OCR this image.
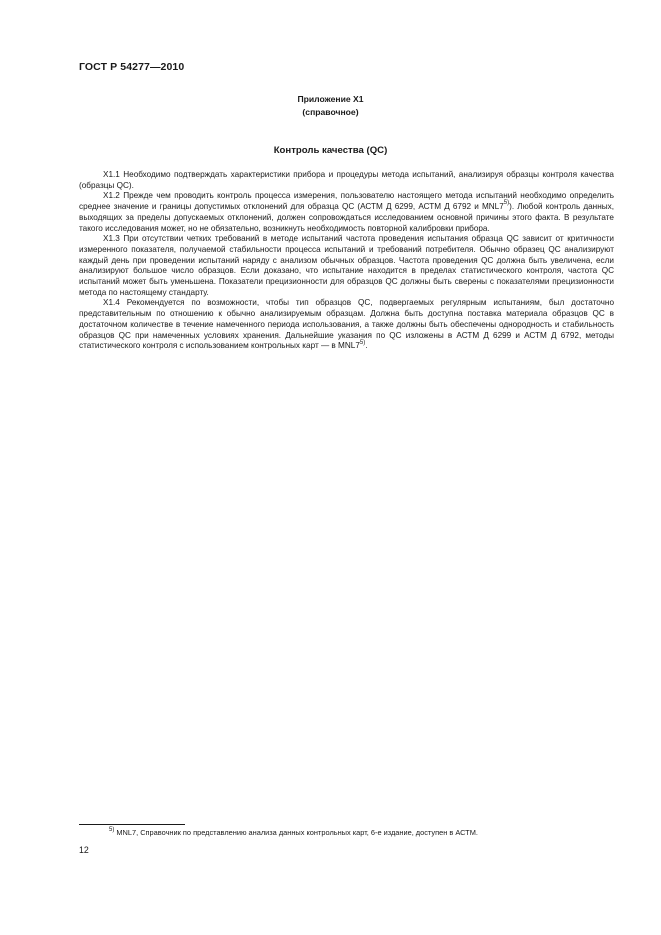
ГОСТ Р 54277—2010
Приложение Х1
(справочное)
Контроль качества (QC)

Х1.1 Необходимо подтверждать характеристики прибора и процедуры метода испытаний, анализируя образцы контроля качества (образцы QC).

Х1.2 Прежде чем проводить контроль процесса измерения, пользователю настоящего метода испытаний необходимо определить среднее значение и границы допустимых отклонений для образца QC (АСТМ Д 6299, АСТМ Д 6792 и MNL7$^{5)}$). Любой контроль данных, выходящих за пределы допускаемых отклонений, должен сопровождаться исследованием основной причины этого факта. В результате такого исследования может, но не обязательно, возникнуть необходимость повторной калибровки прибора.

Х1.3 При отсутствии четких требований в методе испытаний частота проведения испытания образца QC зависит от критичности измеренного показателя, получаемой стабильности процесса испытаний и требований потребителя. Обычно образец QC анализируют каждый день при проведении испытаний наряду с анализом обычных образцов. Частота проведения QC должна быть увеличена, если анализируют большое число образцов. Если доказано, что испытание находится в пределах статистического контроля, частота QC испытаний может быть уменьшена. Показатели прецизионности для образцов QC должны быть сверены с показателями прецизионности метода по настоящему стандарту.

Х1.4 Рекомендуется по возможности, чтобы тип образцов QC, подвергаемых регулярным испытаниям, был достаточно представительным по отношению к обычно анализируемым образцам. Должна быть доступна поставка материала образцов QC в достаточном количестве в течение намеченного периода использования, а также должны быть обеспечены однородность и стабильность образцов QC при намеченных условиях хранения. Дальнейшие указания по QC изложены в АСТМ Д 6299 и АСТМ Д 6792, методы статистического контроля с использованием контрольных карт — в MNL7$^{5)}$.

$^{5)}$ MNL7, Справочник по представлению анализа данных контрольных карт, 6-е издание, доступен в АСТМ.
12
